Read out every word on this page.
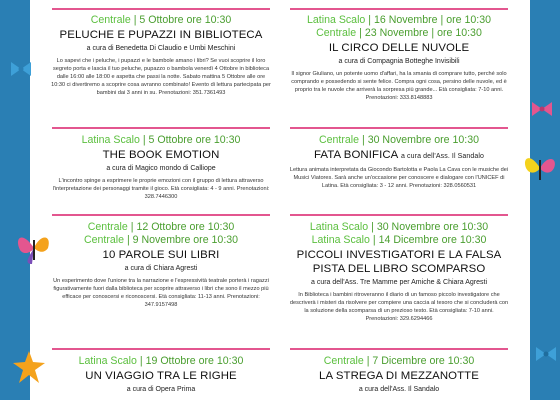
Centrale | 5 Ottobre ore 10:30
PELUCHE E PUPAZZI IN BIBLIOTECA
a cura di Benedetta Di Claudio e Umbi Meschini
Lo sapevi che i peluche, i pupazzi e le bambole amano i libri? Se vuoi scoprire il loro segreto porta e lascia il tuo peluche, pupazzo o bambola venerdì 4 Ottobre in biblioteca dalle 16:00 alle 18:00 e aspetta che passi la notte. Sabato mattina 5 Ottobre alle ore 10:30 ci divertiremo a scoprire cosa avranno combinato! Evento di lettura partecipata per bambini dai 3 anni in su. Prenotazioni: 351.7361493
Latina Scalo | 5 Ottobre ore 10:30
THE BOOK EMOTION
a cura di Magico mondo di Calliope
L'incontro spinge a esprimere le proprie emozioni con il gruppo di lettura attraverso l'interpretazione dei personaggi tramite il gioco. Età consigliata: 4 - 9 anni. Prenotazioni: 328.7446300
Centrale | 12 Ottobre ore 10:30
Centrale | 9 Novembre ore 10:30
10 PAROLE SUI LIBRI
a cura di Chiara Agresti
Un esperimento dove l'unione tra la narrazione e l'espressività teatrale porterà i ragazzi figurativamente fuori dalla biblioteca per scoprire attraverso i libri che sono il mezzo più efficace per conoscersi e riconoscersi. Età consigliata: 11-13 anni. Prenotazioni: 347.9157498
Latina Scalo | 19 Ottobre ore 10:30
UN VIAGGIO TRA LE RIGHE
a cura di Opera Prima
Latina Scalo | 16 Novembre | ore 10:30
Centrale | 23 Novembre | ore 10:30
IL CIRCO DELLE NUVOLE
a cura di Compagnia Botteghe Invisibili
Il signor Giuliano, un potente uomo d'affari, ha la smania di comprare tutto, perché solo comprando e possedendo si sente felice. Compra ogni cosa, persino delle nuvole, ed è proprio tra le nuvole che arriverà la sorpresa più grande... Età consigliata: 7-10 anni. Prenotazioni: 333.8148883
Centrale | 30 Novembre ore 10:30
FATA BONIFICA a cura dell'Ass. Il Sandalo
Lettura animata interpretata da Giocondo Bartolotta e Paola La Cava con le musiche dei Musici Viatores. Sarà anche un'occasione per conoscere e dialogare con l'UNICEF di Latina. Età consigliata: 3 - 12 anni. Prenotazioni: 328.0560531
Latina Scalo | 30 Novembre ore 10:30
Latina Scalo | 14 Dicembre ore 10:30
PICCOLI INVESTIGATORI E LA FALSA PISTA DEL LIBRO SCOMPARSO
a cura dell'Ass. Tre Mamme per Amiche & Chiara Agresti
In Biblioteca i bambini ritroveranno il diario di un famoso piccolo investigatore che descriverà i misteri da risolvere per compiere una caccia al tesoro che si concluderà con la soluzione della scomparsa di un prezioso testo. Età consigliata: 7-10 anni. Prenotazioni: 329.6294466
Centrale | 7 Dicembre ore 10:30
LA STREGA DI MEZZANOTTE
a cura dell'Ass. Il Sandalo
